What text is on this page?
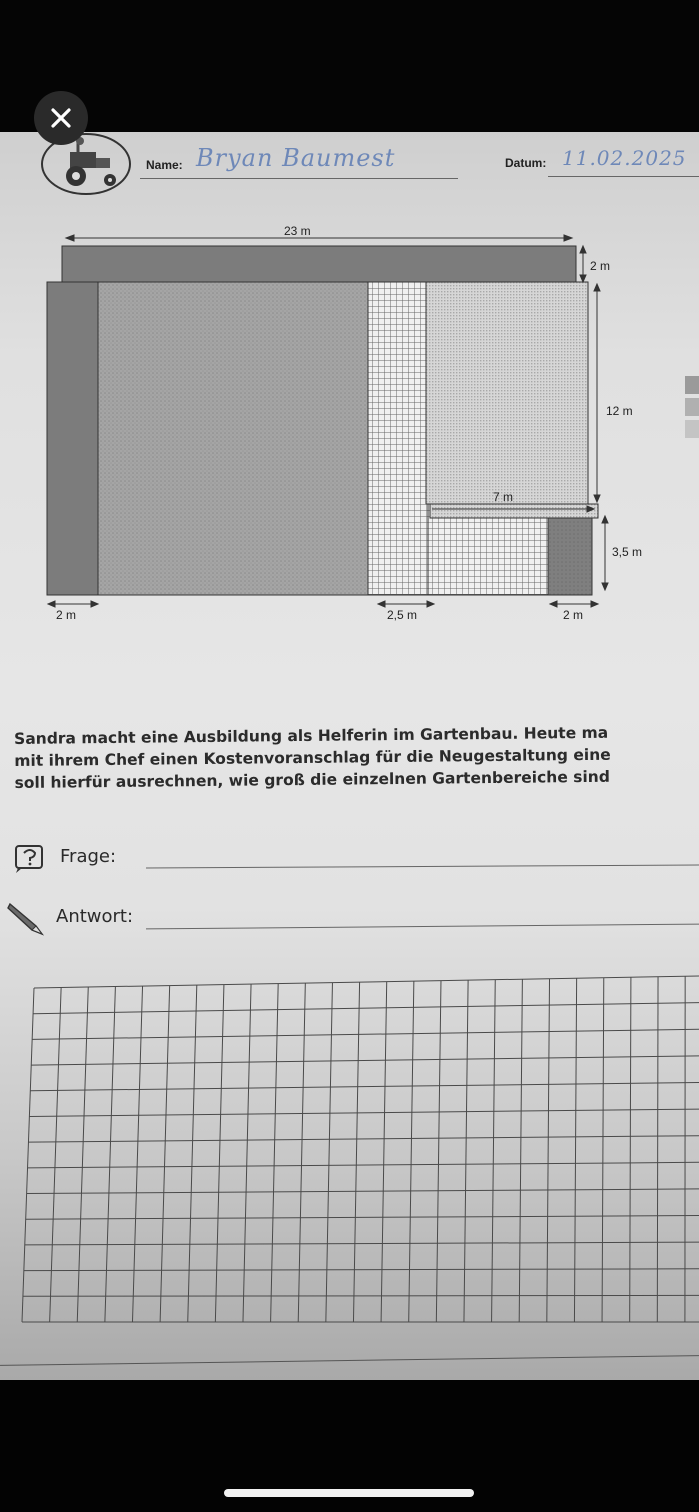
Name: Bryan Baumest	Datum: 11.02.2025
23 m
2 m
12 m
7 m
3,5 m
2 m	2,5 m	2 m
Sandra macht eine Ausbildung als Helferin im Gartenbau. Heute ma
mit ihrem Chef einen Kostenvoranschlag für die Neugestaltung eine
soll hierfür ausrechnen, wie groß die einzelnen Gartenbereiche sind
Frage:
Antwort:
